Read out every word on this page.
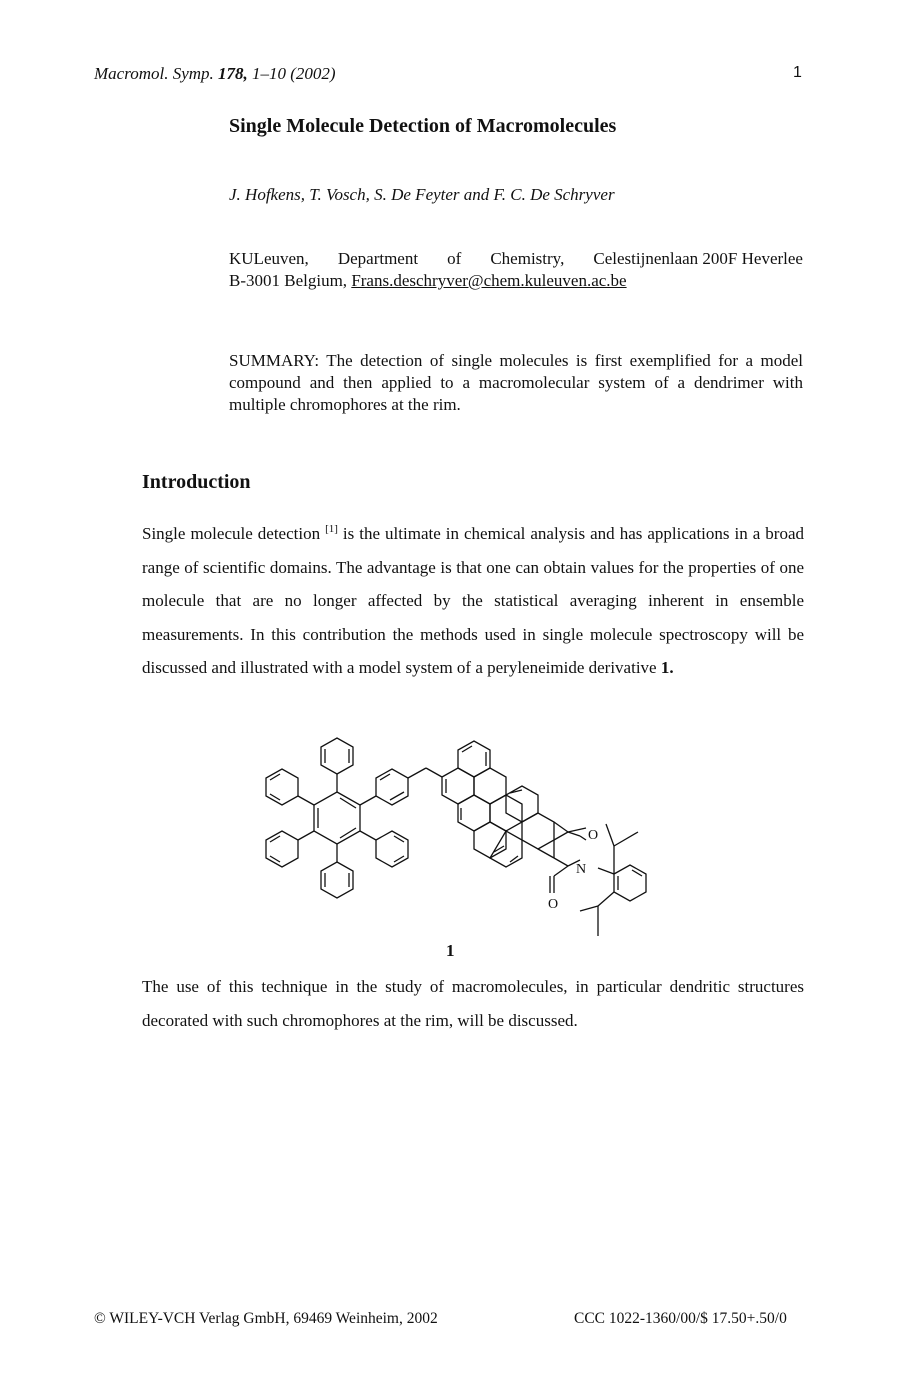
Macromol. Symp. 178, 1–10 (2002)	1
Single Molecule Detection of Macromolecules
J. Hofkens, T. Vosch, S. De Feyter and F. C. De Schryver
KULeuven, Department of Chemistry, Celestijnenlaan 200F Heverlee
B-3001 Belgium, Frans.deschryver@chem.kuleuven.ac.be
SUMMARY: The detection of single molecules is first exemplified for a model compound and then applied to a macromolecular system of a dendrimer with multiple chromophores at the rim.
Introduction
Single molecule detection [1] is the ultimate in chemical analysis and has applications in a broad range of scientific domains. The advantage is that one can obtain values for the properties of one molecule that are no longer affected by the statistical averaging inherent in ensemble measurements. In this contribution the methods used in single molecule spectroscopy will be discussed and illustrated with a model system of a peryleneimide derivative 1.
O
N
O
1
The use of this technique in the study of macromolecules, in particular dendritic structures decorated with such chromophores at the rim, will be discussed.
© WILEY-VCH Verlag GmbH, 69469 Weinheim, 2002	CCC 1022-1360/00/$ 17.50+.50/0
